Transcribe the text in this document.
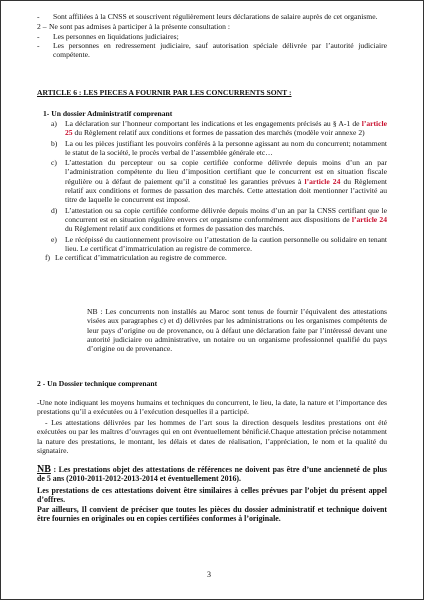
- Sont affiliées à la CNSS et souscrivent régulièrement leurs déclarations de salaire auprès de cet organisme.
2 – Ne sont pas admises à participer à la présente consultation :
- Les personnes en liquidations judiciaires;
- Les personnes en redressement judiciaire, sauf autorisation spéciale délivrée par l’autorité judiciaire compétente.
ARTICLE 6 : LES PIECES A FOURNIR PAR LES CONCURRENTS SONT :
1- Un dossier Administratif comprenant
a) La déclaration sur l’honneur comportant les indications et les engagements précisés au § A-1 de l’article 25 du Règlement relatif aux conditions et formes de passation des marchés (modèle voir annexe 2)
b) La ou les pièces justifiant les pouvoirs conférés à la personne agissant au nom du concurrent; notamment le statut de la société, le procès verbal de l’assemblée générale etc…
c) L’attestation du percepteur ou sa copie certifiée conforme délivrée depuis moins d’un an par l’administration compétente du lieu d’imposition certifiant que le concurrent est en situation fiscale régulière ou à défaut de paiement qu’il a constitué les garanties prévues à l’article 24 du Règlement relatif aux conditions et formes de passation des marchés. Cette attestation doit mentionner l’activité au titre de laquelle le concurrent est imposé.
d) L’attestation ou sa copie certifiée conforme délivrée depuis moins d’un an par la CNSS certifiant que le concurrent est en situation régulière envers cet organisme conformément aux dispositions de l’article 24 du Règlement relatif aux conditions et formes de passation des marchés.
e) Le récépissé du cautionnement provisoire ou l’attestation de la caution personnelle ou solidaire en tenant lieu. Le certificat d’immatriculation au registre de commerce.
f) Le certificat d’immatriculation au registre de commerce.
NB : Les concurrents non installés au Maroc sont tenus de fournir l’équivalent des attestations visées aux paragraphes c) et d) délivrées par les administrations ou les organismes compétents de leur pays d’origine ou de provenance, ou à défaut une déclaration faite par l’intéressé devant une autorité judiciaire ou administrative, un notaire ou un organisme professionnel qualifié du pays d’origine ou de provenance.
2 - Un Dossier technique comprenant
-Une note indiquant les moyens humains et techniques du concurrent, le lieu, la date, la nature et l’importance des prestations qu’il a exécutées ou à l’exécution desquelles il a participé.
- Les attestations délivrées par les hommes de l’art sous la direction desquels lesdites prestations ont été exécutées ou par les maîtres d’ouvrages qui en ont éventuellement bénificié.Chaque attestation précise notamment la nature des prestations, le montant, les délais et dates de réalisation, l’appréciation, le nom et la qualité du signataire.
NB : Les prestations objet des attestations de références ne doivent pas être d’une ancienneté de plus de 5 ans (2010-2011-2012-2013-2014 et éventuellement 2016).
Les prestations de ces attestations doivent être similaires à celles prévues par l’objet du présent appel d’offres.
Par ailleurs, Il convient de préciser que toutes les pièces du dossier administratif et technique doivent être fournies en originales ou en copies certifiées conformes à l’originale.
3
